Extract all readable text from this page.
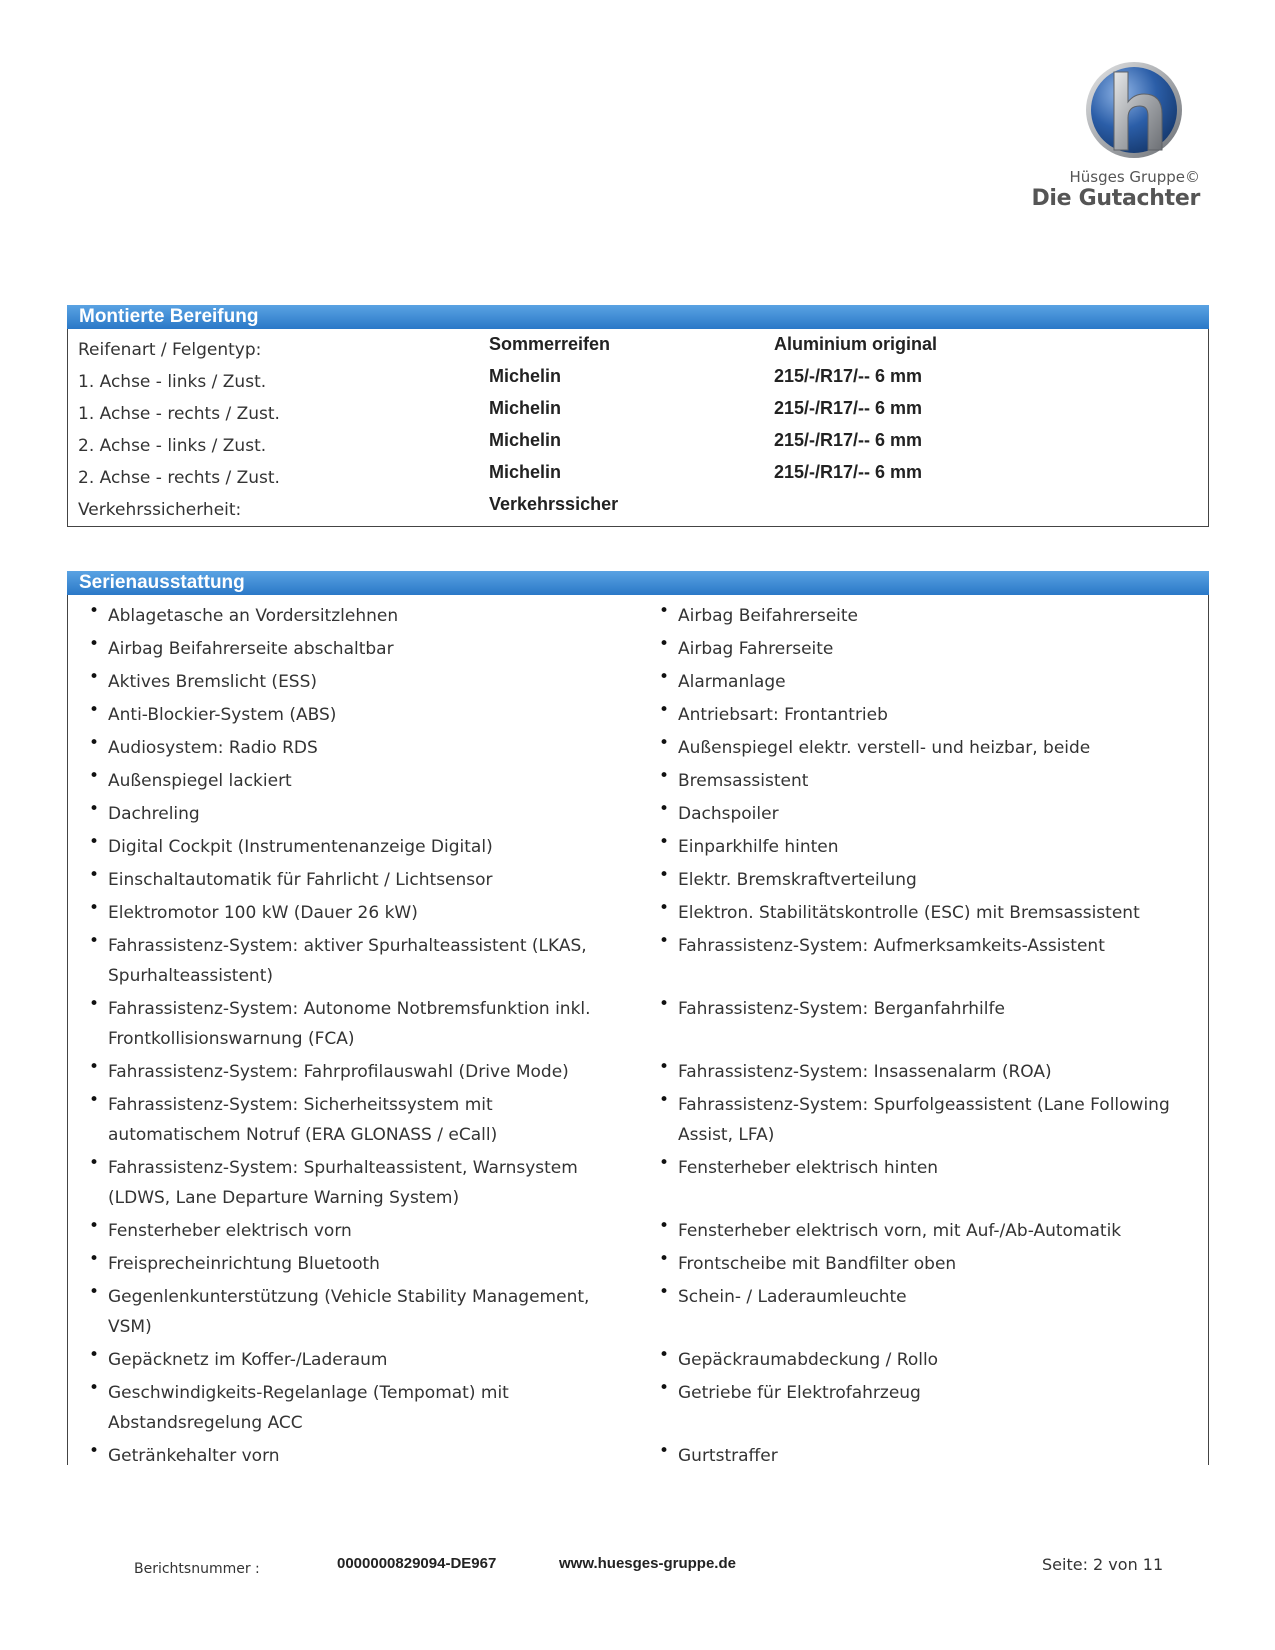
Hüsges Gruppe©
Die Gutachter
Montierte Bereifung
Reifenart / Felgentyp:	Sommerreifen	Aluminium original
1. Achse - links / Zust.	Michelin	215/-/R17/-- 6 mm
1. Achse - rechts / Zust.	Michelin	215/-/R17/-- 6 mm
2. Achse - links / Zust.	Michelin	215/-/R17/-- 6 mm
2. Achse - rechts / Zust.	Michelin	215/-/R17/-- 6 mm
Verkehrssicherheit:	Verkehrssicher
Serienausstattung
• Ablagetasche an Vordersitzlehnen	• Airbag Beifahrerseite
• Airbag Beifahrerseite abschaltbar	• Airbag Fahrerseite
• Aktives Bremslicht (ESS)	• Alarmanlage
• Anti-Blockier-System (ABS)	• Antriebsart: Frontantrieb
• Audiosystem: Radio RDS	• Außenspiegel elektr. verstell- und heizbar, beide
• Außenspiegel lackiert	• Bremsassistent
• Dachreling	• Dachspoiler
• Digital Cockpit (Instrumentenanzeige Digital)	• Einparkhilfe hinten
• Einschaltautomatik für Fahrlicht / Lichtsensor	• Elektr. Bremskraftverteilung
• Elektromotor 100 kW (Dauer 26 kW)	• Elektron. Stabilitätskontrolle (ESC) mit Bremsassistent
• Fahrassistenz-System: aktiver Spurhalteassistent (LKAS, Spurhalteassistent)
• Fahrassistenz-System: Aufmerksamkeits-Assistent
• Fahrassistenz-System: Autonome Notbremsfunktion inkl. Frontkollisionswarnung (FCA)
• Fahrassistenz-System: Berganfahrhilfe
• Fahrassistenz-System: Fahrprofilauswahl (Drive Mode)	• Fahrassistenz-System: Insassenalarm (ROA)
• Fahrassistenz-System: Sicherheitssystem mit automatischem Notruf (ERA GLONASS / eCall)
• Fahrassistenz-System: Spurfolgeassistent (Lane Following Assist, LFA)
• Fahrassistenz-System: Spurhalteassistent, Warnsystem (LDWS, Lane Departure Warning System)
• Fensterheber elektrisch hinten
• Fensterheber elektrisch vorn	• Fensterheber elektrisch vorn, mit Auf-/Ab-Automatik
• Freisprecheinrichtung Bluetooth	• Frontscheibe mit Bandfilter oben
• Gegenlenkunterstützung (Vehicle Stability Management, VSM)
• Schein- / Laderaumleuchte
• Gepäcknetz im Koffer-/Laderaum	• Gepäckraumabdeckung / Rollo
• Geschwindigkeits-Regelanlage (Tempomat) mit Abstandsregelung ACC
• Getriebe für Elektrofahrzeug
• Getränkehalter vorn	• Gurtstraffer
Berichtsnummer :	0000000829094-DE967	www.huesges-gruppe.de	Seite: 2 von 11
